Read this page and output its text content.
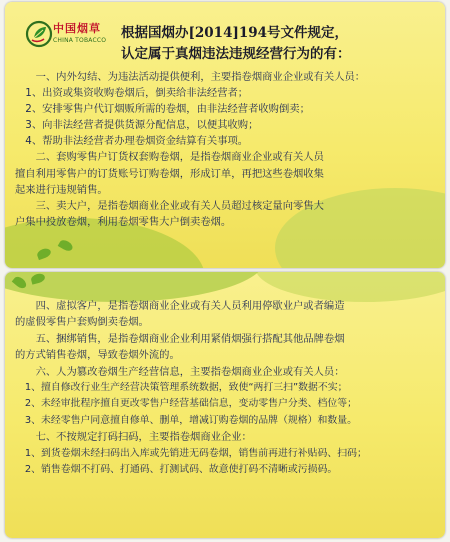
中国烟草
CHINA TOBACCO 根据国烟办[2014]194号文件规定，
认定属于真烟违法违规经营行为的有：

一、内外勾结、为违法活动提供便利，主要指卷烟商业企业或有关人员：

1、出资或集资收购卷烟后，倒卖给非法经营者；

2、安排零售户代订烟贩所需的卷烟，由非法经营者收购倒卖；

3、向非法经营者提供货源分配信息，以便其收购；

4、帮助非法经营者办理卷烟资金结算有关事项。

二、套购零售户订货权套购卷烟，是指卷烟商业企业或有关人员

擅自利用零售户的订货账号订购卷烟，形成订单，再把这些卷烟收集

起来进行违规销售。

三、卖大户，是指卷烟商业企业或有关人员超过核定量向零售大

户集中投放卷烟，利用卷烟零售大户倒卖卷烟。

四、虚拟客户，是指卷烟商业企业或有关人员利用停歇业户或者编造

的虚假零售户套购倒卖卷烟。

五、捆绑销售，是指卷烟商业企业利用紧俏烟强行搭配其他品牌卷烟

的方式销售卷烟，导致卷烟外流的。

六、人为篡改卷烟生产经营信息，主要指卷烟商业企业或有关人员：

1、擅自修改行业生产经营决策管理系统数据，致使“两打三扫”数据不实；

2、未经审批程序擅自更改零售户经营基础信息，变动零售户分类、档位等；

3、未经零售户同意擅自修单、删单，增减订购卷烟的品牌（规格）和数量。

七、不按规定打码扫码，主要指卷烟商业企业：

1、到货卷烟未经扫码出入库或先销进无码卷烟，销售前再进行补贴码、扫码；

2、销售卷烟不打码、打通码、打测试码、故意使打码不清晰或污损码。
